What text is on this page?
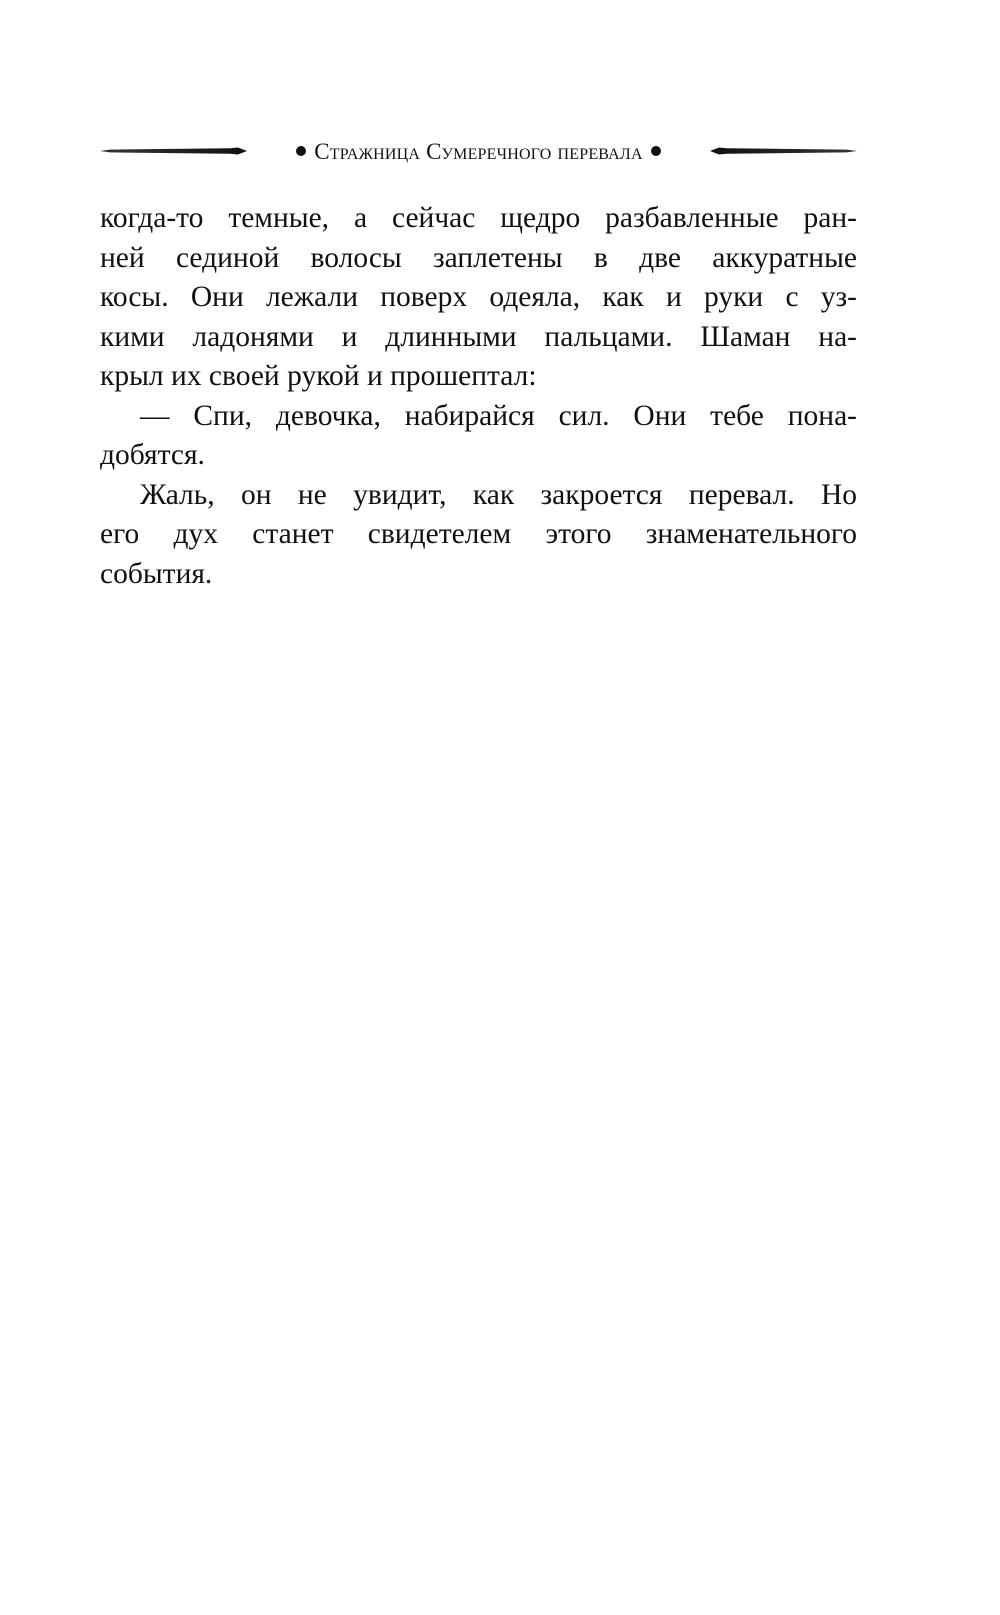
Стражница Сумеречного перевала

когда-то темные, а сейчас щедро разбавленные ран-
ней сединой волосы заплетены в две аккуратные
косы. Они лежали поверх одеяла, как и руки с уз-
кими ладонями и длинными пальцами. Шаман на-
крыл их своей рукой и прошептал:

— Спи, девочка, набирайся сил. Они тебе пона-
добятся.

Жаль, он не увидит, как закроется перевал. Но
его дух станет свидетелем этого знаменательного
события.
